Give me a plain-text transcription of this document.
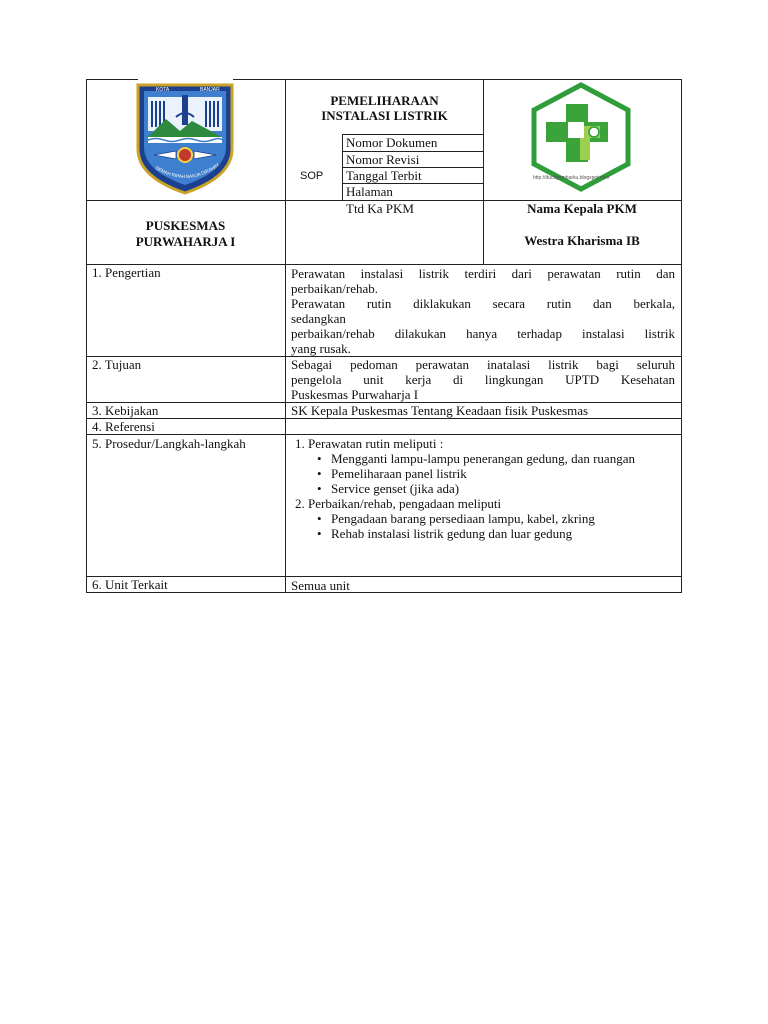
KOTA	BANJAR
GEMAH RIPAH BAGJA DIRAHAY
http://duckgambarku.blogspot.com
PEMELIHARAAN
INSTALASI LISTRIK
SOP
Nomor Dokumen
Nomor Revisi
Tanggal Terbit
Halaman
Ttd Ka PKM
PUSKESMAS
PURWAHARJA I
Nama Kepala PKM
Westra Kharisma IB
1. Pengertian
2. Tujuan
3. Kebijakan
4. Referensi
5. Prosedur/Langkah-langkah
6. Unit Terkait
Perawatan instalasi listrik terdiri dari perawatan rutin dan
perbaikan/rehab.
Perawatan rutin diklakukan secara rutin dan berkala,
sedangkan
perbaikan/rehab dilakukan hanya terhadap instalasi listrik
yang rusak.
Sebagai pedoman perawatan inatalasi listrik bagi seluruh
pengelola unit kerja di lingkungan UPTD Kesehatan
Puskesmas Purwaharja I
SK Kepala Puskesmas Tentang Keadaan fisik Puskesmas
1. Perawatan rutin meliputi :
• Mengganti lampu-lampu penerangan gedung, dan ruangan
• Pemeliharaan panel listrik
• Service genset (jika ada)
2. Perbaikan/rehab, pengadaan meliputi
• Pengadaan barang persediaan lampu, kabel, zkring
• Rehab instalasi listrik gedung dan luar gedung
Semua unit
